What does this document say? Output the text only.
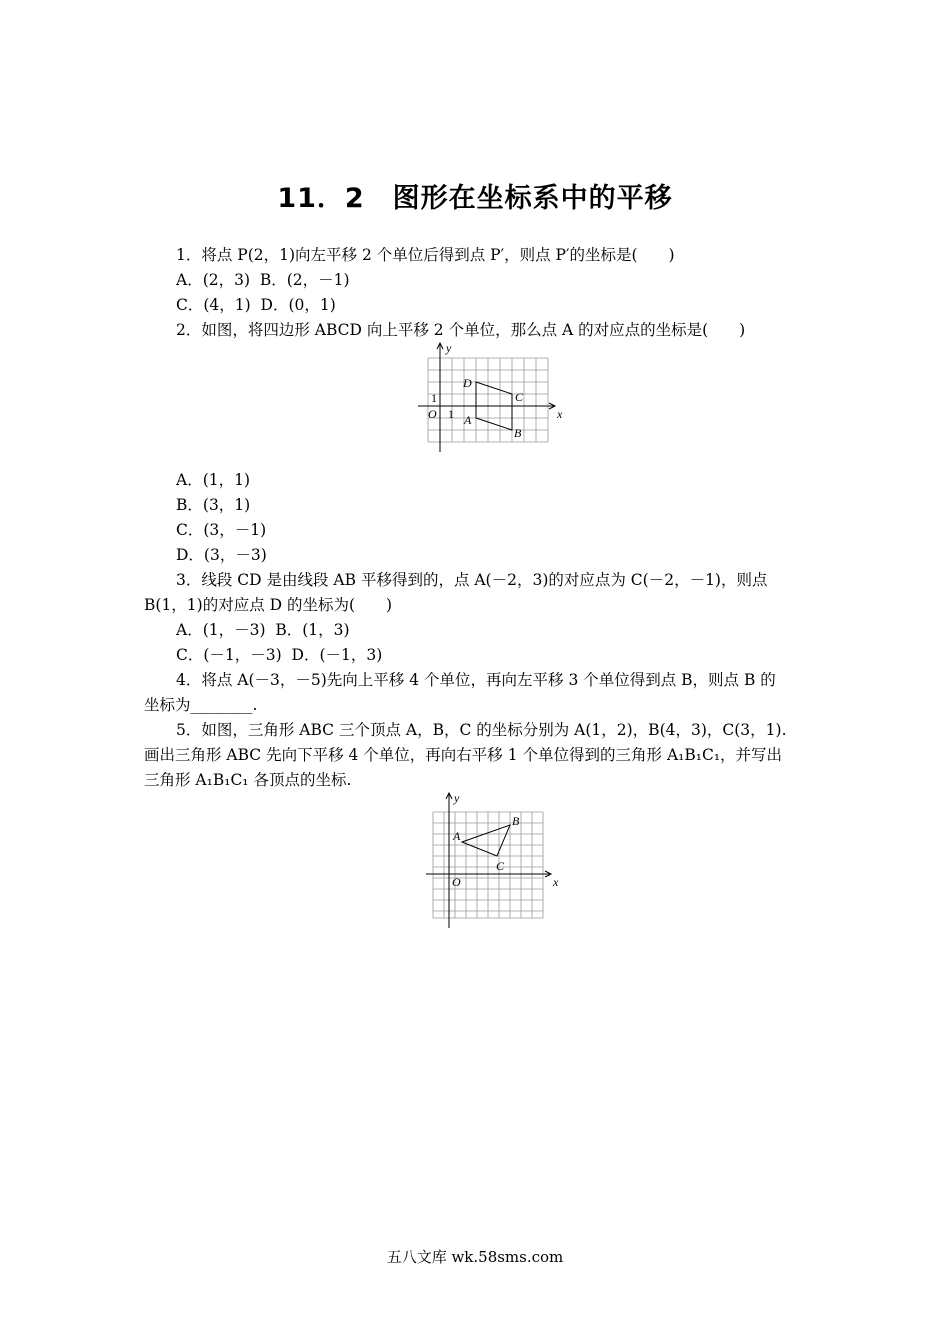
11．2　图形在坐标系中的平移
1．将点 P(2，1)向左平移 2 个单位后得到点 P′，则点 P′的坐标是(　　)
A．(2，3)  B．(2，－1)
C．(4，1)  D．(0，1)
2．如图，将四边形 ABCD 向上平移 2 个单位，那么点 A 的对应点的坐标是(　　)
x
y
O 1
1
A
B
C
D
A．(1，1)
B．(3，1)
C．(3，－1)
D．(3，－3)
3．线段 CD 是由线段 AB 平移得到的，点 A(－2，3)的对应点为 C(－2，－1)，则点
B(1，1)的对应点 D 的坐标为(　　)
A．(1，－3)  B．(1，3)
C．(－1，－3)  D．(－1，3)
4．将点 A(－3，－5)先向上平移 4 个单位，再向左平移 3 个单位得到点 B，则点 B 的
坐标为________.
5．如图，三角形 ABC 三个顶点 A，B，C 的坐标分别为 A(1，2)，B(4，3)，C(3，1).
画出三角形 ABC 先向下平移 4 个单位，再向右平移 1 个单位得到的三角形 A₁B₁C₁，并写出
三角形 A₁B₁C₁ 各顶点的坐标.
x
y
O
A
B
C
五八文库 wk.58sms.com
